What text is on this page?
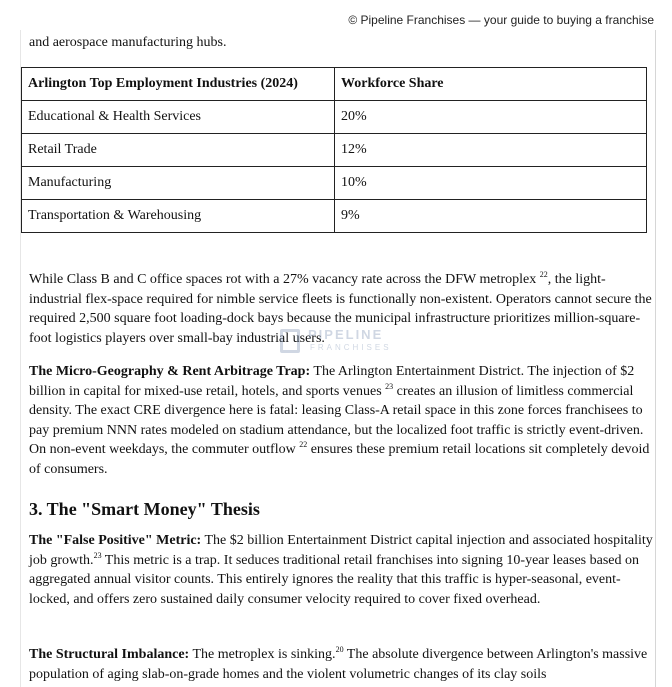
© Pipeline Franchises — your guide to buying a franchise

and aerospace manufacturing hubs.

Arlington Top Employment Industries (2024)	Workforce Share
Educational & Health Services	20%
Retail Trade	12%
Manufacturing	10%
Transportation & Warehousing	9%

While Class B and C office spaces rot with a 27% vacancy rate across the DFW metroplex $^{22}$, the light-industrial flex-space required for nimble service fleets is functionally non-existent. Operators cannot secure the required 2,500 square foot loading-dock bays because the municipal infrastructure prioritizes million-square-foot logistics players over small-bay industrial users.

The Micro-Geography & Rent Arbitrage Trap: The Arlington Entertainment District. The injection of $2 billion in capital for mixed-use retail, hotels, and sports venues $^{23}$ creates an illusion of limitless commercial density. The exact CRE divergence here is fatal: leasing Class-A retail space in this zone forces franchisees to pay premium NNN rates modeled on stadium attendance, but the localized foot traffic is strictly event-driven. On non-event weekdays, the commuter outflow $^{22}$ ensures these premium retail locations sit completely devoid of consumers.

3. The "Smart Money" Thesis

The "False Positive" Metric: The $2 billion Entertainment District capital injection and associated hospitality job growth.$^{23}$ This metric is a trap. It seduces traditional retail franchises into signing 10-year leases based on aggregated annual visitor counts. This entirely ignores the reality that this traffic is hyper-seasonal, event-locked, and offers zero sustained daily consumer velocity required to cover fixed overhead.

The Structural Imbalance: The metroplex is sinking.$^{20}$ The absolute divergence between Arlington's massive population of aging slab-on-grade homes and the violent volumetric changes of its clay soils

PIPELINE
FRANCHISES
